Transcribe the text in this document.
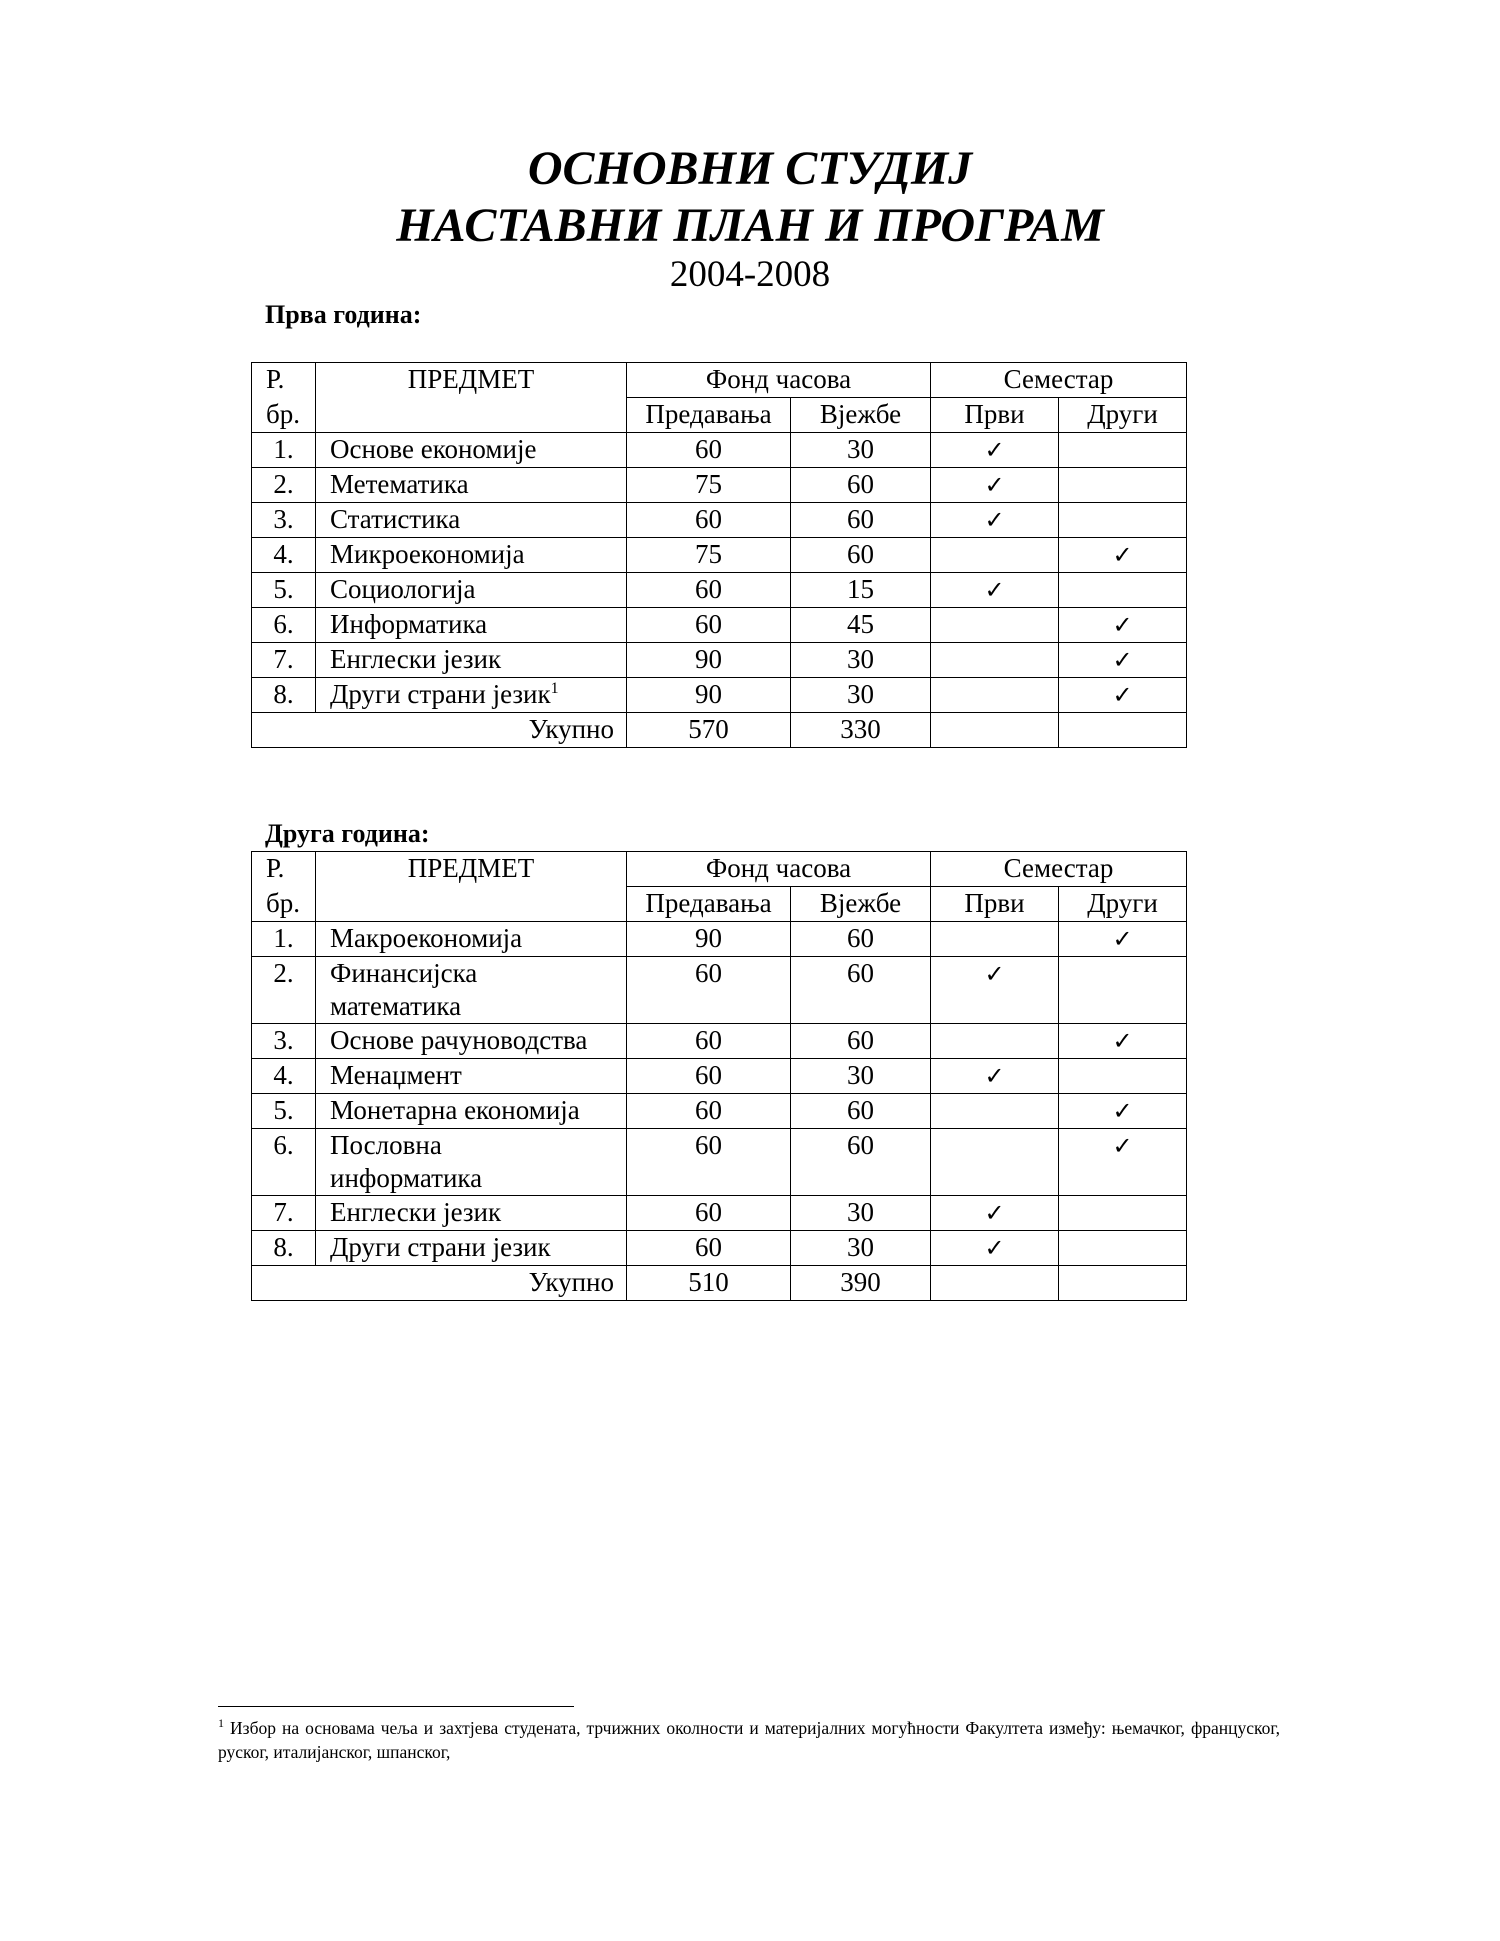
ОСНОВНИ СТУДИЈ
НАСТАВНИ ПЛАН И ПРОГРАМ
2004-2008
Прва година:
Р.	ПРЕДМЕТ	Фонд часова		Семестар	
бр.		Предавања	Вјежбе	Први	Други
1.	Основе економије	60	30	✓	
2.	Метематика	75	60	✓	
3.	Статистика	60	60	✓	
4.	Микроекономија	75	60		✓
5.	Социологија	60	15	✓	
6.	Информатика	60	45		✓
7.	Енглески језик	90	30		✓
8.	Други страни језик$^1$	90	30		✓
Укупно		570	330		
Друга година:
Р.	ПРЕДМЕТ	Фонд часова		Семестар	
бр.		Предавања	Вјежбе	Први	Други
1.	Макроекономија	90	60		✓
2.	Финансијска
математика	60	60	✓	
3.	Основе рачуноводства	60	60		✓
4.	Менаџмент	60	30	✓	
5.	Монетарна економија	60	60		✓
6.	Пословна
информатика	60	60		✓
7.	Енглески језик	60	30	✓	
8.	Други страни језик	60	30	✓	
Укупно		510	390		
$^1$ Избор на основама чеља и захтјева студената, трчижних околности и материјалних могућности Факултета између: њемачког, француског, руског, италијанског, шпанског,
